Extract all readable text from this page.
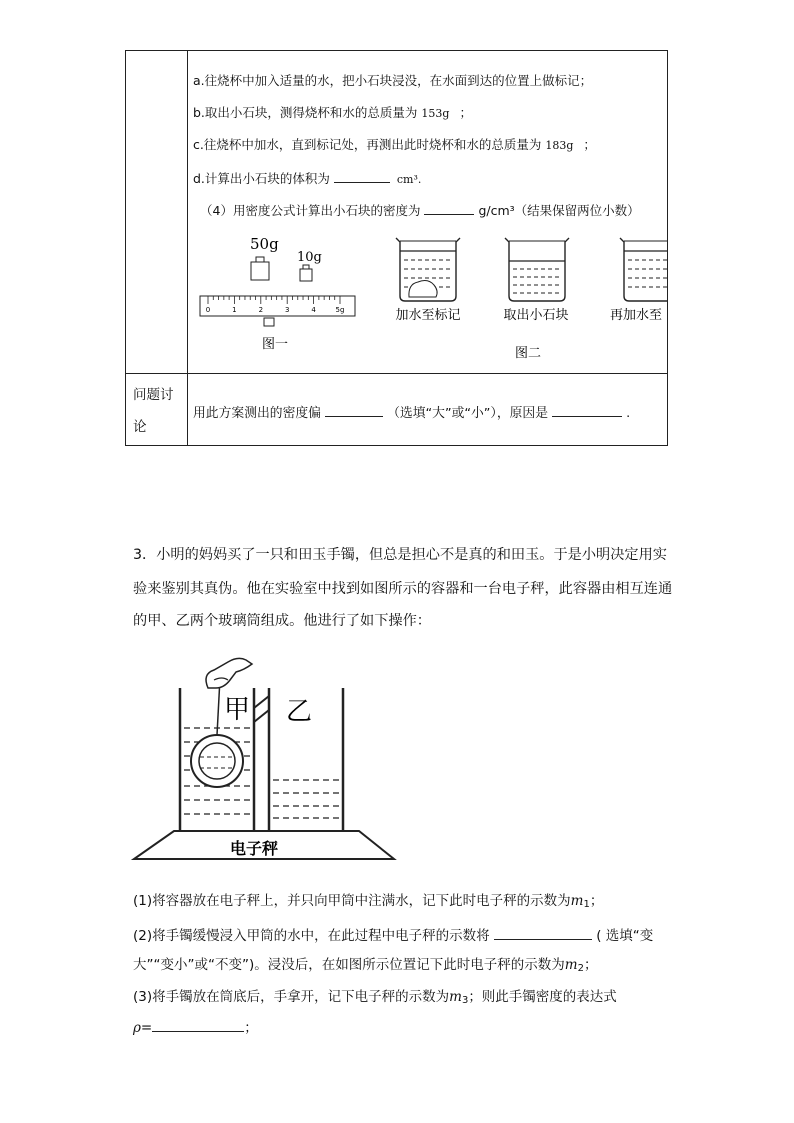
a.往烧杯中加入适量的水，把小石块浸没，在水面到达的位置上做标记；
b.取出小石块，测得烧杯和水的总质量为 153g ；
c.往烧杯中加水，直到标记处，再测出此时烧杯和水的总质量为 183g ；
d.计算出小石块的体积为	cm³.
（4）用密度公式计算出小石块的密度为	g/cm³（结果保留两位小数）
50g
10g
0	1	2	3	4	5g
图一
加水至标记	取出小石块	再加水至
图二
问题讨
论
用此方案测出的密度偏	（选填“大”或“小”），原因是	.
3．小明的妈妈买了一只和田玉手镯，但总是担心不是真的和田玉。于是小明决定用实
验来鉴别其真伪。他在实验室中找到如图所示的容器和一台电子秤，此容器由相互连通
的甲、乙两个玻璃筒组成。他进行了如下操作：
电子秤
甲 乙
(1)将容器放在电子秤上，并只向甲筒中注满水，记下此时电子秤的示数为$m_1$；
(2)将手镯缓慢浸入甲筒的水中，在此过程中电子秤的示数将	( 选填“变
大”“变小”或“不变”)。浸没后，在如图所示位置记下此时电子秤的示数为$m_2$；
(3)将手镯放在筒底后，手拿开，记下电子秤的示数为$m_3$；则此手镯密度的表达式
ρ=	；
